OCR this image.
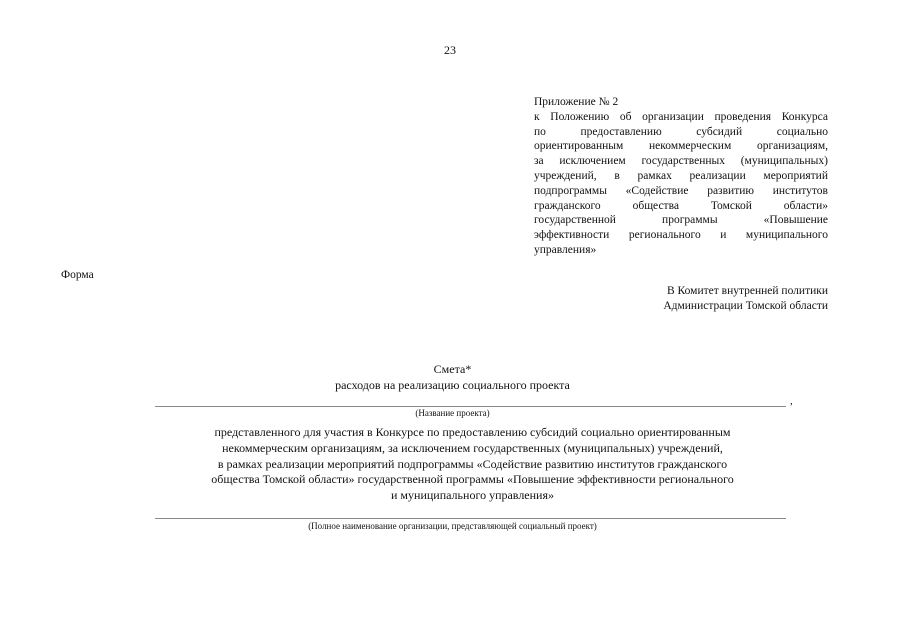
23
Приложение № 2
к Положению об организации проведения Конкурса
по предоставлению субсидий социально
ориентированным некоммерческим организациям,
за исключением государственных (муниципальных)
учреждений, в рамках реализации мероприятий
подпрограммы «Содействие развитию институтов
гражданского общества Томской области»
государственной программы «Повышение
эффективности регионального и муниципального
управления»
Форма
В Комитет внутренней политики
Администрации Томской области
Смета*
расходов на реализацию социального проекта
,
(Название проекта)
представленного для участия в Конкурсе по предоставлению субсидий социально ориентированным
некоммерческим организациям, за исключением государственных (муниципальных) учреждений,
в рамках реализации мероприятий подпрограммы «Содействие развитию институтов гражданского
общества Томской области» государственной программы «Повышение эффективности регионального
и муниципального управления»
(Полное наименование организации, представляющей социальный проект)
